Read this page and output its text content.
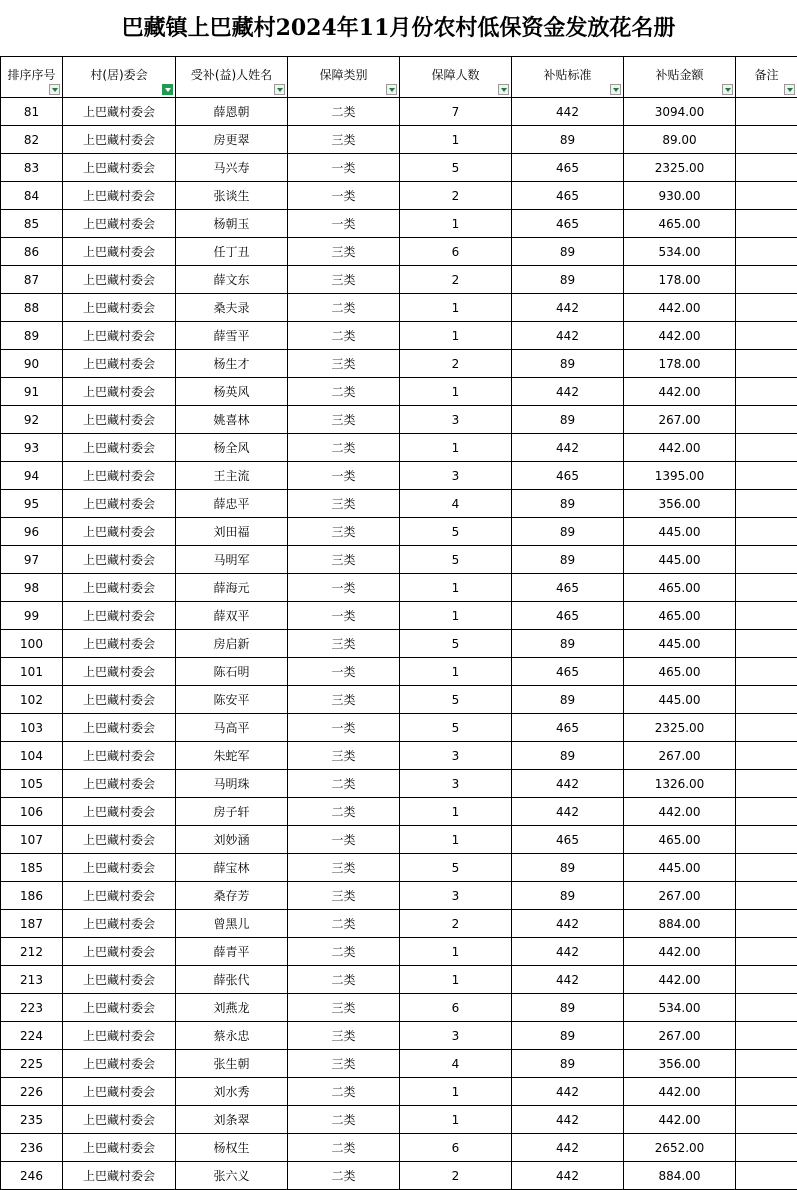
巴藏镇上巴藏村2024年11月份农村低保资金发放花名册
排序序号	村(居)委会	受补(益)人姓名	保障类别	保障人数	补贴标准	补贴金额	备注

81	上巴藏村委会	薛恩朝	二类	7	442	3094.00	
82	上巴藏村委会	房更翠	三类	1	89	89.00	
83	上巴藏村委会	马兴寿	一类	5	465	2325.00	
84	上巴藏村委会	张谈生	一类	2	465	930.00	
85	上巴藏村委会	杨朝玉	一类	1	465	465.00	
86	上巴藏村委会	任丁丑	三类	6	89	534.00	
87	上巴藏村委会	薛文东	三类	2	89	178.00	
88	上巴藏村委会	桑夫录	二类	1	442	442.00	
89	上巴藏村委会	薛雪平	二类	1	442	442.00	
90	上巴藏村委会	杨生才	三类	2	89	178.00	
91	上巴藏村委会	杨英风	二类	1	442	442.00	
92	上巴藏村委会	姚喜林	三类	3	89	267.00	
93	上巴藏村委会	杨全风	二类	1	442	442.00	
94	上巴藏村委会	王主流	一类	3	465	1395.00	
95	上巴藏村委会	薛忠平	三类	4	89	356.00	
96	上巴藏村委会	刘田福	三类	5	89	445.00	
97	上巴藏村委会	马明军	三类	5	89	445.00	
98	上巴藏村委会	薛海元	一类	1	465	465.00	
99	上巴藏村委会	薛双平	一类	1	465	465.00	
100	上巴藏村委会	房启新	三类	5	89	445.00	
101	上巴藏村委会	陈石明	一类	1	465	465.00	
102	上巴藏村委会	陈安平	三类	5	89	445.00	
103	上巴藏村委会	马高平	一类	5	465	2325.00	
104	上巴藏村委会	朱蛇军	三类	3	89	267.00	
105	上巴藏村委会	马明珠	二类	3	442	1326.00	
106	上巴藏村委会	房子轩	二类	1	442	442.00	
107	上巴藏村委会	刘妙涵	一类	1	465	465.00	
185	上巴藏村委会	薛宝林	三类	5	89	445.00	
186	上巴藏村委会	桑存芳	三类	3	89	267.00	
187	上巴藏村委会	曾黑儿	二类	2	442	884.00	
212	上巴藏村委会	薛青平	二类	1	442	442.00	
213	上巴藏村委会	薛张代	二类	1	442	442.00	
223	上巴藏村委会	刘燕龙	三类	6	89	534.00	
224	上巴藏村委会	蔡永忠	三类	3	89	267.00	
225	上巴藏村委会	张生朝	三类	4	89	356.00	
226	上巴藏村委会	刘水秀	二类	1	442	442.00	
235	上巴藏村委会	刘条翠	二类	1	442	442.00	
236	上巴藏村委会	杨权生	二类	6	442	2652.00	
246	上巴藏村委会	张六义	二类	2	442	884.00	
